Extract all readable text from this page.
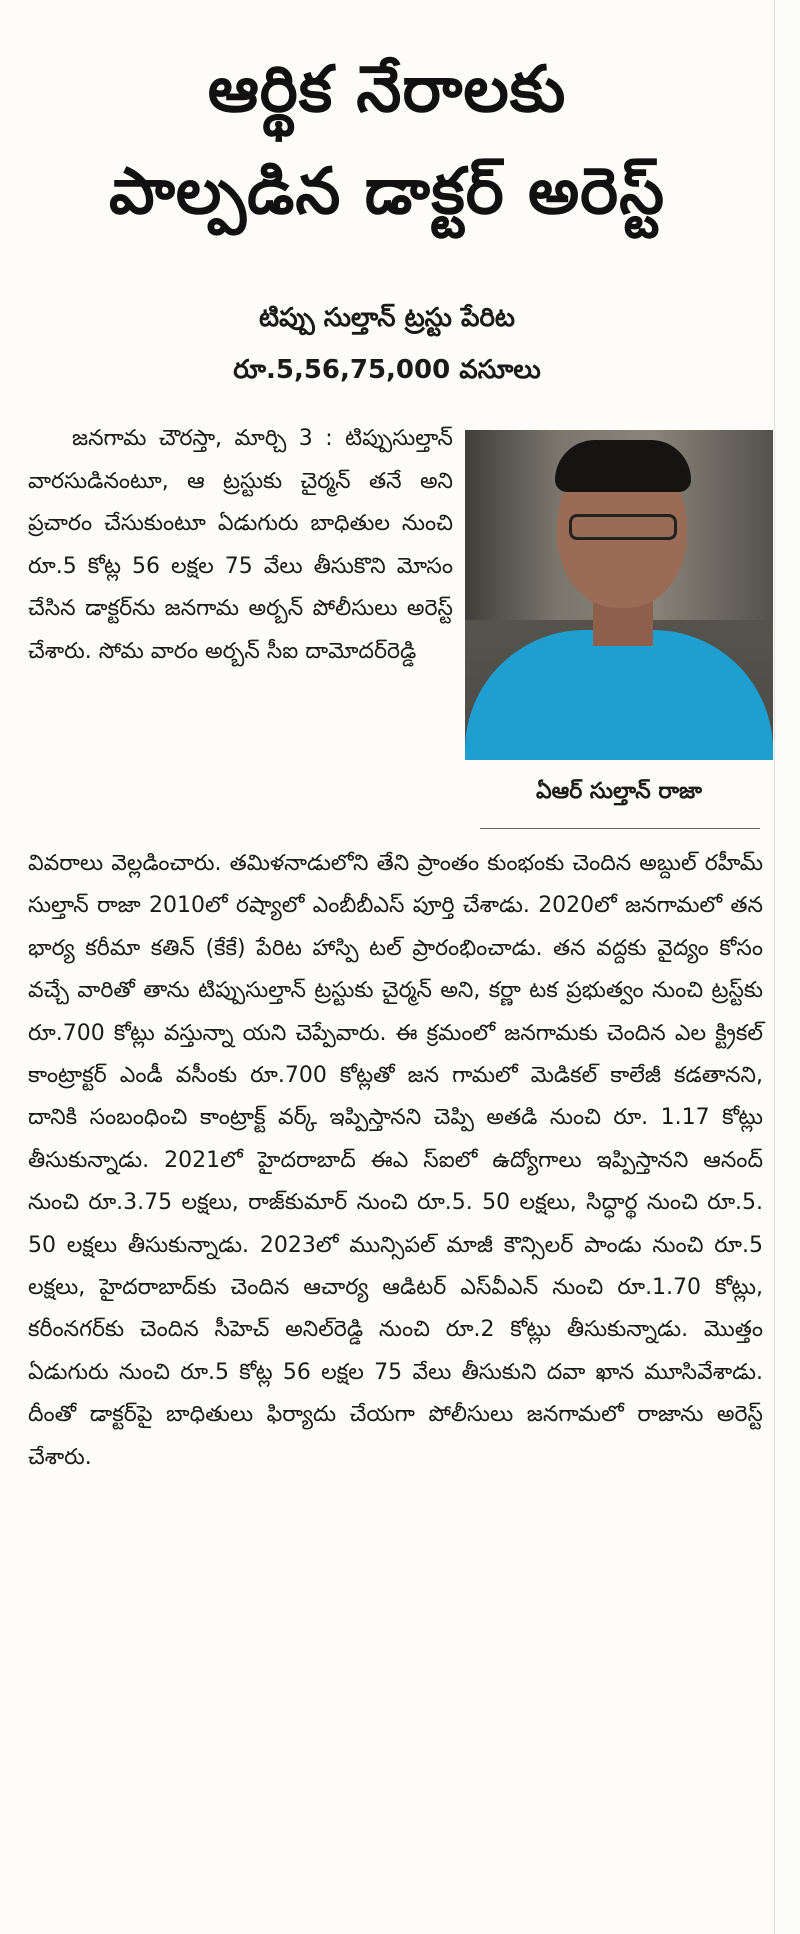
ఆర్థిక నేరాలకు
పాల్పడిన డాక్టర్ అరెస్ట్
టిప్పు సుల్తాన్ ట్రస్టు పేరిట
రూ.5,56,75,000 వసూలు
ఏఆర్ సుల్తాన్ రాజా
జనగామ చౌరస్తా, మార్చి 3 : టిప్పుసుల్తాన్ వారసుడినంటూ, ఆ ట్రస్టుకు చైర్మన్ తనే అని ప్రచారం చేసుకుంటూ ఏడుగురు బాధితుల నుంచి రూ.5 కోట్ల 56 లక్షల 75 వేలు తీసుకొని మోసం చేసిన డాక్టర్‌ను జనగామ అర్బన్ పోలీసులు అరెస్ట్ చేశారు. సోమ వారం అర్బన్ సీఐ దామోదర్‌రెడ్డి
వివరాలు వెల్లడించారు. తమిళనాడులోని తేని ప్రాంతం కుంభంకు చెందిన అబ్దుల్ రహీమ్ సుల్తాన్ రాజా 2010లో రష్యాలో ఎంబీబీఎస్ పూర్తి చేశాడు. 2020లో జనగామలో తన భార్య కరీమా కతిన్ (కేకే) పేరిట హాస్పి టల్ ప్రారంభించాడు. తన వద్దకు వైద్యం కోసం వచ్చే వారితో తాను టిప్పుసుల్తాన్ ట్రస్టుకు చైర్మన్ అని, కర్ణా టక ప్రభుత్వం నుంచి ట్రస్ట్‌కు రూ.700 కోట్లు వస్తున్నా యని చెప్పేవారు. ఈ క్రమంలో జనగామకు చెందిన ఎల క్ట్రికల్ కాంట్రాక్టర్ ఎండీ వసీంకు రూ.700 కోట్లతో జన గామలో మెడికల్ కాలేజీ కడతానని, దానికి సంబంధించి కాంట్రాక్ట్ వర్క్ ఇప్పిస్తానని చెప్పి అతడి నుంచి రూ. 1.17 కోట్లు తీసుకున్నాడు. 2021లో హైదరాబాద్ ఈఎ స్‌ఐలో ఉద్యోగాలు ఇప్పిస్తానని ఆనంద్ నుంచి రూ.3.75 లక్షలు, రాజ్‌కుమార్ నుంచి రూ.5. 50 లక్షలు, సిద్ధార్థ నుంచి రూ.5. 50 లక్షలు తీసుకున్నాడు. 2023లో మున్సిపల్ మాజీ కౌన్సిలర్ పాండు నుంచి రూ.5 లక్షలు, హైదరాబాద్‌కు చెందిన ఆచార్య ఆడిటర్ ఎస్‌వీఎన్ నుంచి రూ.1.70 కోట్లు, కరీంనగర్‌కు చెందిన సీహెచ్ అనిల్‌రెడ్డి నుంచి రూ.2 కోట్లు తీసుకున్నాడు. మొత్తం ఏడుగురు నుంచి రూ.5 కోట్ల 56 లక్షల 75 వేలు తీసుకుని దవా ఖాన మూసివేశాడు. దీంతో డాక్టర్‌పై బాధితులు ఫిర్యాదు చేయగా పోలీసులు జనగామలో రాజాను అరెస్ట్ చేశారు.
